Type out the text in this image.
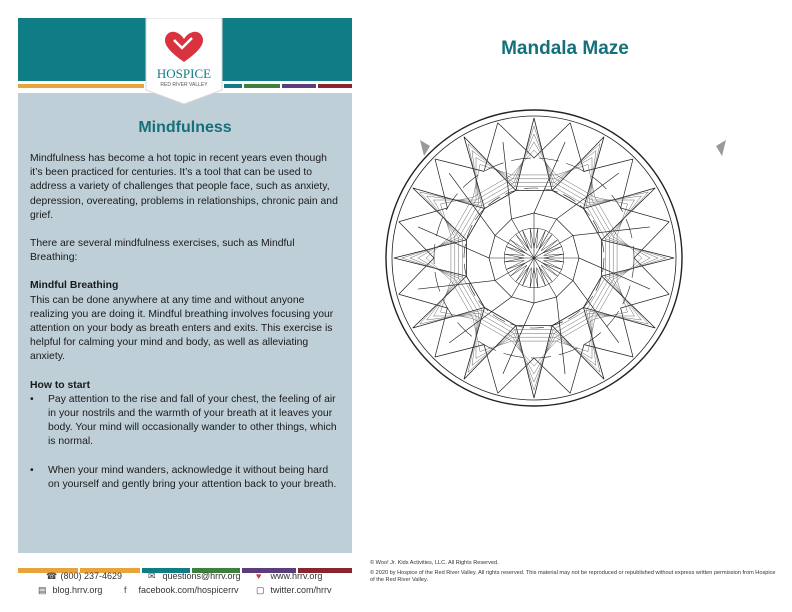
HOSPICE
RED RIVER VALLEY
Mindfulness

Mindfulness has become a hot topic in recent years even though it’s been practiced for centuries. It’s a tool that can be used to address a variety of challenges that people face, such as anxiety, depression, overeating, problems in relationships, chronic pain and grief.

There are several mindfulness exercises, such as Mindful Breathing:

Mindful Breathing

This can be done anywhere at any time and without anyone realizing you are doing it. Mindful breathing involves focusing your attention on your body as breath enters and exits. This exercise is helpful for calming your mind and body, as well as alleviating anxiety.

How to start
• Pay attention to the rise and fall of your chest, the feeling of air in your nostrils and the warmth of your breath at it leaves your body. Your mind will occasionally wander to other things, which is normal.
• When your mind wanders, acknowledge it without being hard on yourself and gently bring your attention back to your breath.
Mandala Maze
☎ (800) 237-4629	✉ questions@hrrv.org ♥ www.hrrv.org
▤ blog.hrrv.org f facebook.com/hospicerrv ▢ twitter.com/hrrv
© Woo! Jr. Kids Activities, LLC. All Rights Reserved.
© 2020 by Hospice of the Red River Valley. All rights reserved. This material may not be reproduced or republished without express written permission from Hospice of the Red River Valley.
